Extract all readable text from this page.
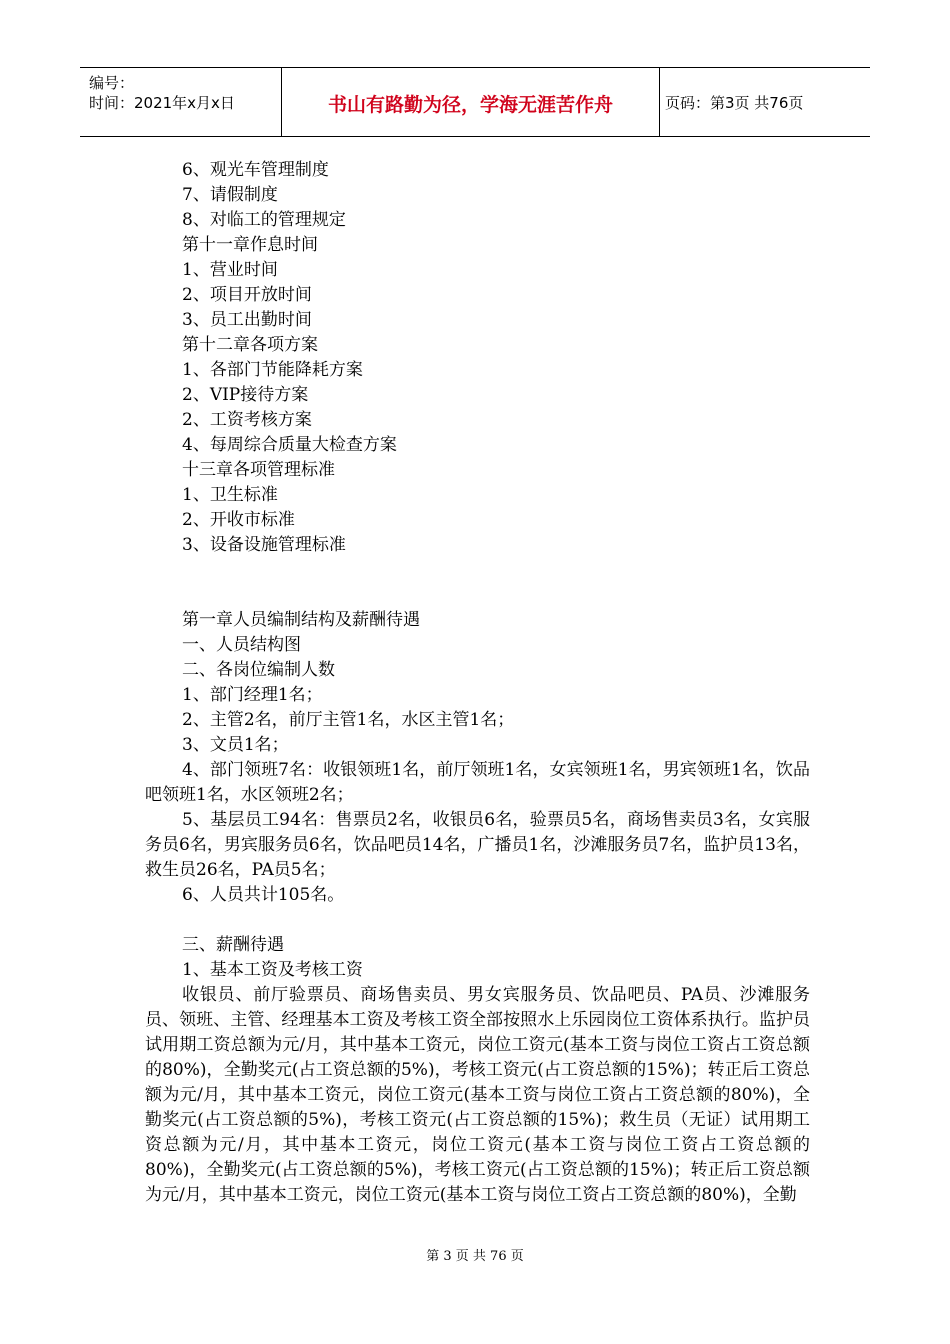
编号：
时间：2021年x月x日	书山有路勤为径，学海无涯苦作舟	页码：第3页 共76页

6、观光车管理制度

7、请假制度

8、对临工的管理规定

第十一章作息时间

1、营业时间

2、项目开放时间

3、员工出勤时间

第十二章各项方案

1、各部门节能降耗方案

2、VIP接待方案

2、工资考核方案

4、每周综合质量大检查方案

十三章各项管理标准

1、卫生标准

2、开收市标准

3、设备设施管理标准

第一章人员编制结构及薪酬待遇

一、人员结构图

二、各岗位编制人数

1、部门经理1名；

2、主管2名，前厅主管1名，水区主管1名；

3、文员1名；

4、部门领班7名：收银领班1名，前厅领班1名，女宾领班1名，男宾领班1名，饮品吧领班1名，水区领班2名；

5、基层员工94名：售票员2名，收银员6名，验票员5名，商场售卖员3名，女宾服务员6名，男宾服务员6名，饮品吧员14名，广播员1名，沙滩服务员7名，监护员13名，救生员26名，PA员5名；

6、人员共计105名。

三、薪酬待遇

1、基本工资及考核工资

收银员、前厅验票员、商场售卖员、男女宾服务员、饮品吧员、PA员、沙滩服务员、领班、主管、经理基本工资及考核工资全部按照水上乐园岗位工资体系执行。监护员试用期工资总额为元/月，其中基本工资元，岗位工资元(基本工资与岗位工资占工资总额的80%)，全勤奖元(占工资总额的5%)，考核工资元(占工资总额的15%)；转正后工资总额为元/月，其中基本工资元，岗位工资元(基本工资与岗位工资占工资总额的80%)，全勤奖元(占工资总额的5%)，考核工资元(占工资总额的15%)；救生员（无证）试用期工资总额为元/月，其中基本工资元，岗位工资元(基本工资与岗位工资占工资总额的80%)，全勤奖元(占工资总额的5%)，考核工资元(占工资总额的15%)；转正后工资总额为元/月，其中基本工资元，岗位工资元(基本工资与岗位工资占工资总额的80%)，全勤

第 3 页 共 76 页
